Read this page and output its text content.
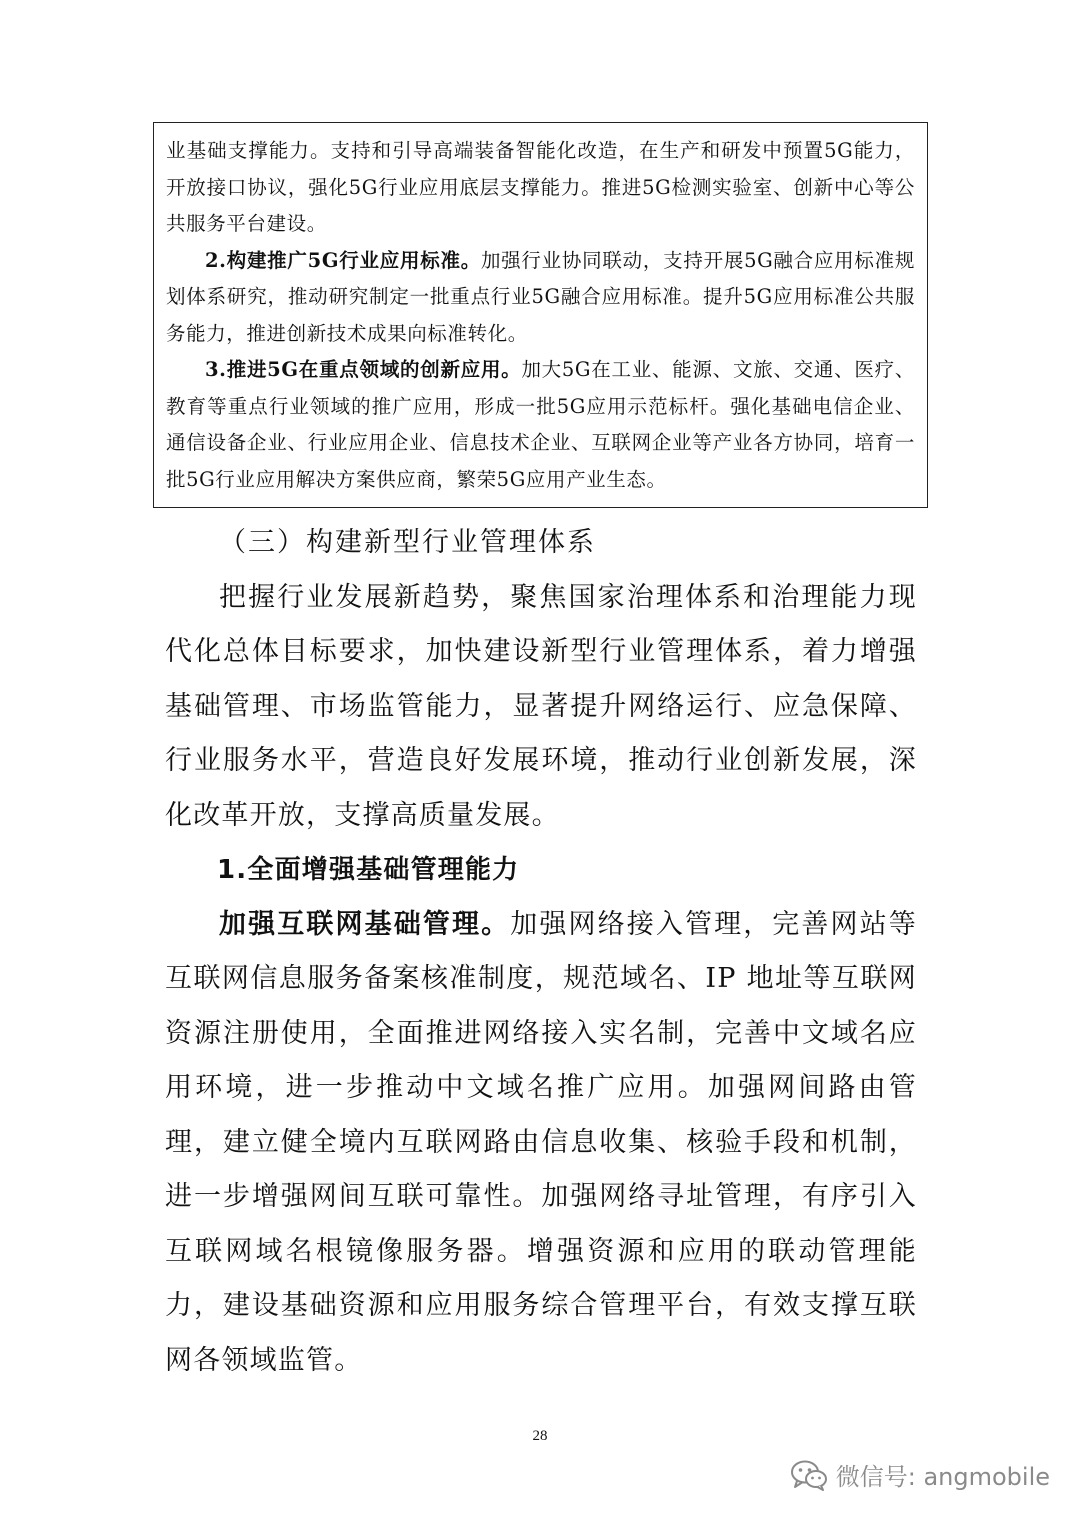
业基础支撑能力。支持和引导高端装备智能化改造，在生产和研发中预置5G能力，开放接口协议，强化5G行业应用底层支撑能力。推进5G检测实验室、创新中心等公共服务平台建设。

2.构建推广5G行业应用标准。加强行业协同联动，支持开展5G融合应用标准规划体系研究，推动研究制定一批重点行业5G融合应用标准。提升5G应用标准公共服务能力，推进创新技术成果向标准转化。

3.推进5G在重点领域的创新应用。加大5G在工业、能源、文旅、交通、医疗、教育等重点行业领域的推广应用，形成一批5G应用示范标杆。强化基础电信企业、通信设备企业、行业应用企业、信息技术企业、互联网企业等产业各方协同，培育一批5G行业应用解决方案供应商，繁荣5G应用产业生态。

（三）构建新型行业管理体系

把握行业发展新趋势，聚焦国家治理体系和治理能力现代化总体目标要求，加快建设新型行业管理体系，着力增强基础管理、市场监管能力，显著提升网络运行、应急保障、行业服务水平，营造良好发展环境，推动行业创新发展，深化改革开放，支撑高质量发展。

1.全面增强基础管理能力

加强互联网基础管理。加强网络接入管理，完善网站等互联网信息服务备案核准制度，规范域名、IP 地址等互联网资源注册使用，全面推进网络接入实名制，完善中文域名应用环境，进一步推动中文域名推广应用。加强网间路由管理，建立健全境内互联网路由信息收集、核验手段和机制，进一步增强网间互联可靠性。加强网络寻址管理，有序引入互联网域名根镜像服务器。增强资源和应用的联动管理能力，建设基础资源和应用服务综合管理平台，有效支撑互联网各领域监管。

28
微信号: angmobile
